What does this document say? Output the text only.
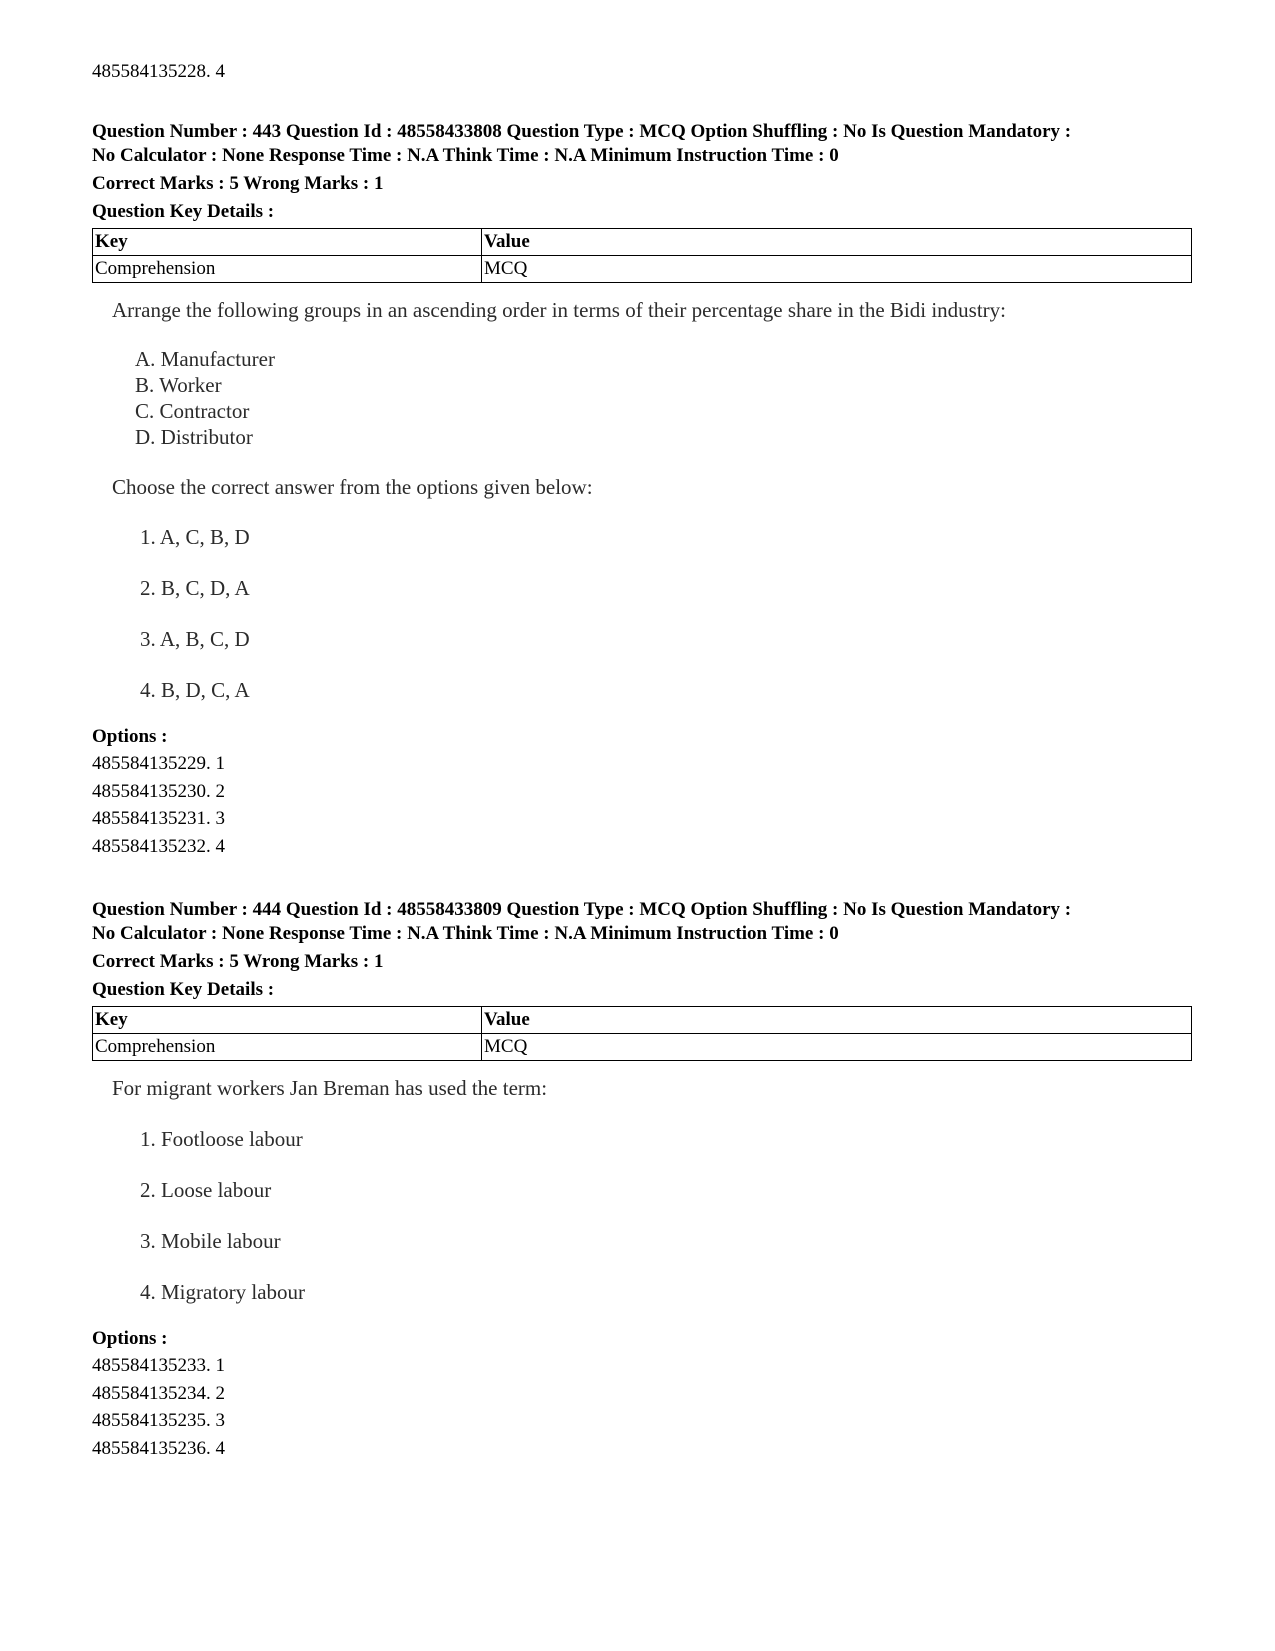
485584135228. 4
Question Number : 443 Question Id : 48558433808 Question Type : MCQ Option Shuffling : No Is Question Mandatory :
No Calculator : None Response Time : N.A Think Time : N.A Minimum Instruction Time : 0
Correct Marks : 5 Wrong Marks : 1
Question Key Details :
Key	Value
Comprehension	MCQ
Arrange the following groups in an ascending order in terms of their percentage share in the Bidi industry:
A. Manufacturer
B. Worker
C. Contractor
D. Distributor
Choose the correct answer from the options given below:
1. A, C, B, D
2. B, C, D, A
3. A, B, C, D
4. B, D, C, A
Options :
485584135229. 1
485584135230. 2
485584135231. 3
485584135232. 4
Question Number : 444 Question Id : 48558433809 Question Type : MCQ Option Shuffling : No Is Question Mandatory :
No Calculator : None Response Time : N.A Think Time : N.A Minimum Instruction Time : 0
Correct Marks : 5 Wrong Marks : 1
Question Key Details :
Key	Value
Comprehension	MCQ
For migrant workers Jan Breman has used the term:
1. Footloose labour
2. Loose labour
3. Mobile labour
4. Migratory labour
Options :
485584135233. 1
485584135234. 2
485584135235. 3
485584135236. 4
